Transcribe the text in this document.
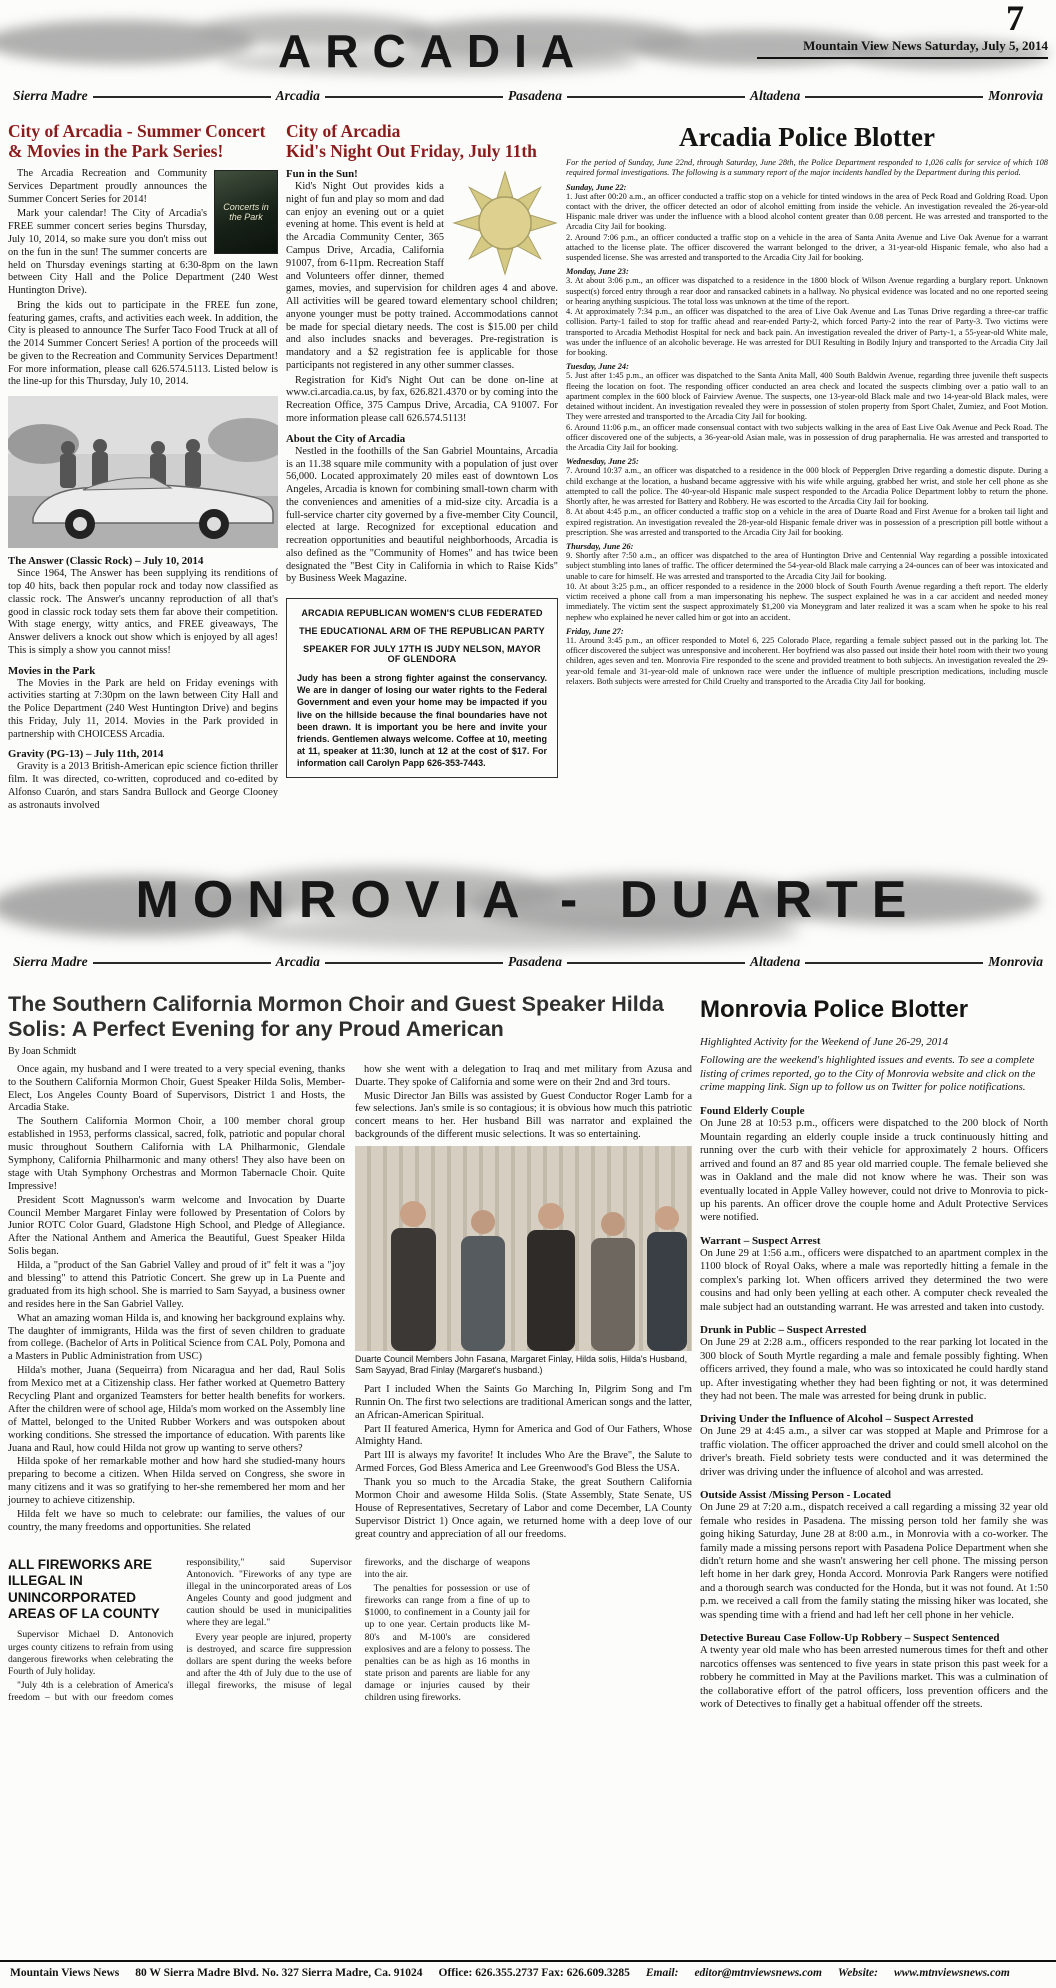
7
Mountain View News Saturday, July 5, 2014
ARCADIA
Sierra Madre	Arcadia	Pasadena	Altadena	Monrovia
City of Arcadia - Summer Concert & Movies in the Park Series!
Concerts in the Park

The Arcadia Recreation and Community Services Department proudly announces the Summer Concert Series for 2014!

Mark your calendar! The City of Arcadia's FREE summer concert series begins Thursday, July 10, 2014, so make sure you don't miss out on the fun in the sun! The summer concerts are held on Thursday evenings starting at 6:30-8pm on the lawn between City Hall and the Police Department (240 West Huntington Drive).

Bring the kids out to participate in the FREE fun zone, featuring games, crafts, and activities each week. In addition, the City is pleased to announce The Surfer Taco Food Truck at all of the 2014 Summer Concert Series! A portion of the proceeds will be given to the Recreation and Community Services Department! For more information, please call 626.574.5113. Listed below is the line-up for this Thursday, July 10, 2014.

The Answer (Classic Rock) – July 10, 2014

Since 1964, The Answer has been supplying its renditions of top 40 hits, back then popular rock and today now classified as classic rock. The Answer's uncanny reproduction of all that's good in classic rock today sets them far above their competition. With stage energy, witty antics, and FREE giveaways, The Answer delivers a knock out show which is enjoyed by all ages! This is simply a show you cannot miss!

Movies in the Park

The Movies in the Park are held on Friday evenings with activities starting at 7:30pm on the lawn between City Hall and the Police Department (240 West Huntington Drive) and begins this Friday, July 11, 2014. Movies in the Park provided in partnership with CHOICESS Arcadia.

Gravity (PG-13) – July 11th, 2014

Gravity is a 2013 British-American epic science fiction thriller film. It was directed, co-written, coproduced and co-edited by Alfonso Cuarón, and stars Sandra Bullock and George Clooney as astronauts involved

City of Arcadia
Kid's Night Out Friday, July 11th
Fun in the Sun!

Kid's Night Out provides kids a night of fun and play so mom and dad can enjoy an evening out or a quiet evening at home. This event is held at the Arcadia Community Center, 365 Campus Drive, Arcadia, California 91007, from 6-11pm. Recreation Staff and Volunteers offer dinner, themed games, movies, and supervision for children ages 4 and above. All activities will be geared toward elementary school children; anyone younger must be potty trained. Accommodations cannot be made for special dietary needs. The cost is $15.00 per child and also includes snacks and beverages. Pre-registration is mandatory and a $2 registration fee is applicable for those participants not registered in any other summer classes.

Registration for Kid's Night Out can be done on-line at www.ci.arcadia.ca.us, by fax, 626.821.4370 or by coming into the Recreation Office, 375 Campus Drive, Arcadia, CA 91007. For more information please call 626.574.5113!

About the City of Arcadia

Nestled in the foothills of the San Gabriel Mountains, Arcadia is an 11.38 square mile community with a population of just over 56,000. Located approximately 20 miles east of downtown Los Angeles, Arcadia is known for combining small-town charm with the conveniences and amenities of a mid-size city. Arcadia is a full-service charter city governed by a five-member City Council, elected at large. Recognized for exceptional education and recreation opportunities and beautiful neighborhoods, Arcadia is also defined as the "Community of Homes" and has twice been designated the "Best City in California in which to Raise Kids" by Business Week Magazine.

ARCADIA REPUBLICAN WOMEN'S CLUB FEDERATED

THE EDUCATIONAL ARM OF THE REPUBLICAN PARTY

SPEAKER FOR JULY 17TH IS JUDY NELSON, MAYOR OF GLENDORA

Judy has been a strong fighter against the conservancy. We are in danger of losing our water rights to the Federal Government and even your home may be impacted if you live on the hillside because the final boundaries have not been drawn. It is important you be here and invite your friends. Gentlemen always welcome. Coffee at 10, meeting at 11, speaker at 11:30, lunch at 12 at the cost of $17. For information call Carolyn Papp 626-353-7443.

Arcadia Police Blotter

For the period of Sunday, June 22nd, through Saturday, June 28th, the Police Department responded to 1,026 calls for service of which 108 required formal investigations. The following is a summary report of the major incidents handled by the Department during this period.

Sunday, June 22:

1. Just after 00:20 a.m., an officer conducted a traffic stop on a vehicle for tinted windows in the area of Peck Road and Goldring Road. Upon contact with the driver, the officer detected an odor of alcohol emitting from inside the vehicle. An investigation revealed the 26-year-old Hispanic male driver was under the influence with a blood alcohol content greater than 0.08 percent. He was arrested and transported to the Arcadia City Jail for booking.

2. Around 7:06 p.m., an officer conducted a traffic stop on a vehicle in the area of Santa Anita Avenue and Live Oak Avenue for a warrant attached to the license plate. The officer discovered the warrant belonged to the driver, a 31-year-old Hispanic female, who also had a suspended license. She was arrested and transported to the Arcadia City Jail for booking.

Monday, June 23:

3. At about 3:06 p.m., an officer was dispatched to a residence in the 1800 block of Wilson Avenue regarding a burglary report. Unknown suspect(s) forced entry through a rear door and ransacked cabinets in a hallway. No physical evidence was located and no one reported seeing or hearing anything suspicious. The total loss was unknown at the time of the report.

4. At approximately 7:34 p.m., an officer was dispatched to the area of Live Oak Avenue and Las Tunas Drive regarding a three-car traffic collision. Party-1 failed to stop for traffic ahead and rear-ended Party-2, which forced Party-2 into the rear of Party-3. Two victims were transported to Arcadia Methodist Hospital for neck and back pain. An investigation revealed the driver of Party-1, a 55-year-old White male, was under the influence of an alcoholic beverage. He was arrested for DUI Resulting in Bodily Injury and transported to the Arcadia City Jail for booking.

Tuesday, June 24:

5. Just after 1:45 p.m., an officer was dispatched to the Santa Anita Mall, 400 South Baldwin Avenue, regarding three juvenile theft suspects fleeing the location on foot. The responding officer conducted an area check and located the suspects climbing over a patio wall to an apartment complex in the 600 block of Fairview Avenue. The suspects, one 13-year-old Black male and two 14-year-old Black males, were detained without incident. An investigation revealed they were in possession of stolen property from Sport Chalet, Zumiez, and Foot Motion. They were arrested and transported to the Arcadia City Jail for booking.

6. Around 11:06 p.m., an officer made consensual contact with two subjects walking in the area of East Live Oak Avenue and Peck Road. The officer discovered one of the subjects, a 36-year-old Asian male, was in possession of drug paraphernalia. He was arrested and transported to the Arcadia City Jail for booking.

Wednesday, June 25:

7. Around 10:37 a.m., an officer was dispatched to a residence in the 000 block of Pepperglen Drive regarding a domestic dispute. During a child exchange at the location, a husband became aggressive with his wife while arguing, grabbed her wrist, and stole her cell phone as she attempted to call the police. The 40-year-old Hispanic male suspect responded to the Arcadia Police Department lobby to return the phone. Shortly after, he was arrested for Battery and Robbery. He was escorted to the Arcadia City Jail for booking.

8. At about 4:45 p.m., an officer conducted a traffic stop on a vehicle in the area of Duarte Road and First Avenue for a broken tail light and expired registration. An investigation revealed the 28-year-old Hispanic female driver was in possession of a prescription pill bottle without a prescription. She was arrested and transported to the Arcadia City Jail for booking.

Thursday, June 26:

9. Shortly after 7:50 a.m., an officer was dispatched to the area of Huntington Drive and Centennial Way regarding a possible intoxicated subject stumbling into lanes of traffic. The officer determined the 54-year-old Black male carrying a 24-ounces can of beer was intoxicated and unable to care for himself. He was arrested and transported to the Arcadia City Jail for booking.

10. At about 3:25 p.m., an officer responded to a residence in the 2000 block of South Fourth Avenue regarding a theft report. The elderly victim received a phone call from a man impersonating his nephew. The suspect explained he was in a car accident and needed money immediately. The victim sent the suspect approximately $1,200 via Moneygram and later realized it was a scam when he spoke to his real nephew who explained he never called him or got into an accident.

Friday, June 27:

11. Around 3:45 p.m., an officer responded to Motel 6, 225 Colorado Place, regarding a female subject passed out in the parking lot. The officer discovered the subject was unresponsive and incoherent. Her boyfriend was also passed out inside their hotel room with their two young children, ages seven and ten. Monrovia Fire responded to the scene and provided treatment to both subjects. An investigation revealed the 29-year-old female and 31-year-old male of unknown race were under the influence of multiple prescription medications, including muscle relaxers. Both subjects were arrested for Child Cruelty and transported to the Arcadia City Jail for booking.

MONROVIA - DUARTE
Sierra Madre	Arcadia	Pasadena	Altadena	Monrovia
The Southern California Mormon Choir and Guest Speaker Hilda Solis: A Perfect Evening for any Proud American
By Joan Schmidt

Once again, my husband and I were treated to a very special evening, thanks to the Southern California Mormon Choir, Guest Speaker Hilda Solis, Member-Elect, Los Angeles County Board of Supervisors, District 1 and Hosts, the Arcadia Stake.

The Southern California Mormon Choir, a 100 member choral group established in 1953, performs classical, sacred, folk, patriotic and popular choral music throughout Southern California with LA Philharmonic, Glendale Symphony, California Philharmonic and many others! They also have been on stage with Utah Symphony Orchestras and Mormon Tabernacle Choir. Quite Impressive!

President Scott Magnusson's warm welcome and Invocation by Duarte Council Member Margaret Finlay were followed by Presentation of Colors by Junior ROTC Color Guard, Gladstone High School, and Pledge of Allegiance. After the National Anthem and America the Beautiful, Guest Speaker Hilda Solis began.

Hilda, a "product of the San Gabriel Valley and proud of it" felt it was a "joy and blessing" to attend this Patriotic Concert. She grew up in La Puente and graduated from its high school. She is married to Sam Sayyad, a business owner and resides here in the San Gabriel Valley.

What an amazing woman Hilda is, and knowing her background explains why. The daughter of immigrants, Hilda was the first of seven children to graduate from college. (Bachelor of Arts in Political Science from CAL Poly, Pomona and a Masters in Public Administration from USC)

Hilda's mother, Juana (Sequeirra) from Nicaragua and her dad, Raul Solis from Mexico met at a Citizenship class. Her father worked at Quemetro Battery Recycling Plant and organized Teamsters for better health benefits for workers. After the children were of school age, Hilda's mom worked on the Assembly line of Mattel, belonged to the United Rubber Workers and was outspoken about working conditions. She stressed the importance of education. With parents like Juana and Raul, how could Hilda not grow up wanting to serve others?

Hilda spoke of her remarkable mother and how hard she studied-many hours preparing to become a citizen. When Hilda served on Congress, she swore in many citizens and it was so gratifying to her-she remembered her mom and her journey to achieve citizenship.

Hilda felt we have so much to celebrate: our families, the values of our country, the many freedoms and opportunities. She related

how she went with a delegation to Iraq and met military from Azusa and Duarte. They spoke of California and some were on their 2nd and 3rd tours.

Music Director Jan Bills was assisted by Guest Conductor Roger Lamb for a few selections. Jan's smile is so contagious; it is obvious how much this patriotic concert means to her. Her husband Bill was narrator and explained the backgrounds of the different music selections. It was so entertaining.

Duarte Council Members John Fasana, Margaret Finlay, Hilda solis, Hilda's Husband, Sam Sayyad, Brad Finlay (Margaret's husband.)

Part I included When the Saints Go Marching In, Pilgrim Song and I'm Runnin On. The first two selections are traditional American songs and the latter, an African-American Spiritual.

Part II featured America, Hymn for America and God of Our Fathers, Whose Almighty Hand.

Part III is always my favorite! It includes Who Are the Brave", the Salute to Armed Forces, God Bless America and Lee Greenwood's God Bless the USA.

Thank you so much to the Arcadia Stake, the great Southern California Mormon Choir and awesome Hilda Solis. (State Assembly, State Senate, US House of Representatives, Secretary of Labor and come December, LA County Supervisor District 1) Once again, we returned home with a deep love of our great country and appreciation of all our freedoms.

ALL FIREWORKS ARE ILLEGAL IN UNINCORPORATED AREAS OF LA COUNTY

Supervisor Michael D. Antonovich urges county citizens to refrain from using dangerous fireworks when celebrating the Fourth of July holiday.

"July 4th is a celebration of America's freedom – but with our freedom comes responsibility," said Supervisor Antonovich. "Fireworks of any type are illegal in the unincorporated areas of Los Angeles County and good judgment and caution should be used in municipalities where they are legal."

Every year people are injured, property is destroyed, and scarce fire suppression dollars are spent during the weeks before and after the 4th of July due to the use of illegal fireworks, the misuse of legal fireworks, and the discharge of weapons into the air.

The penalties for possession or use of fireworks can range from a fine of up to $1000, to confinement in a County jail for up to one year. Certain products like M-80's and M-100's are considered explosives and are a felony to possess. The penalties can be as high as 16 months in state prison and parents are liable for any damage or injuries caused by their children using fireworks.

Monrovia Police Blotter

Highlighted Activity for the Weekend of June 26-29, 2014

Following are the weekend's highlighted issues and events. To see a complete listing of crimes reported, go to the City of Monrovia website and click on the crime mapping link. Sign up to follow us on Twitter for police notifications.

Found Elderly Couple

On June 28 at 10:53 p.m., officers were dispatched to the 200 block of North Mountain regarding an elderly couple inside a truck continuously hitting and running over the curb with their vehicle for approximately 2 hours. Officers arrived and found an 87 and 85 year old married couple. The female believed she was in Oakland and the male did not know where he was. Their son was eventually located in Apple Valley however, could not drive to Monrovia to pick-up his parents. An officer drove the couple home and Adult Protective Services were notified.

Warrant – Suspect Arrest

On June 29 at 1:56 a.m., officers were dispatched to an apartment complex in the 1100 block of Royal Oaks, where a male was reportedly hitting a female in the complex's parking lot. When officers arrived they determined the two were cousins and had only been yelling at each other. A computer check revealed the male subject had an outstanding warrant. He was arrested and taken into custody.

Drunk in Public – Suspect Arrested

On June 29 at 2:28 a.m., officers responded to the rear parking lot located in the 300 block of South Myrtle regarding a male and female possibly fighting. When officers arrived, they found a male, who was so intoxicated he could hardly stand up. After investigating whether they had been fighting or not, it was determined they had not been. The male was arrested for being drunk in public.

Driving Under the Influence of Alcohol – Suspect Arrested

On June 29 at 4:45 a.m., a silver car was stopped at Maple and Primrose for a traffic violation. The officer approached the driver and could smell alcohol on the driver's breath. Field sobriety tests were conducted and it was determined the driver was driving under the influence of alcohol and was arrested.

Outside Assist /Missing Person - Located

On June 29 at 7:20 a.m., dispatch received a call regarding a missing 32 year old female who resides in Pasadena. The missing person told her family she was going hiking Saturday, June 28 at 8:00 a.m., in Monrovia with a co-worker. The family made a missing persons report with Pasadena Police Department when she didn't return home and she wasn't answering her cell phone. The missing person left home in her dark grey, Honda Accord. Monrovia Park Rangers were notified and a thorough search was conducted for the Honda, but it was not found. At 1:50 p.m. we received a call from the family stating the missing hiker was located, she was spending time with a friend and had left her cell phone in her vehicle.

Detective Bureau Case Follow-Up Robbery – Suspect Sentenced

A twenty year old male who has been arrested numerous times for theft and other narcotics offenses was sentenced to five years in state prison this past week for a robbery he committed in May at the Pavilions market. This was a culmination of the collaborative effort of the patrol officers, loss prevention officers and the work of Detectives to finally get a habitual offender off the streets.

Mountain Views News 80 W Sierra Madre Blvd. No. 327 Sierra Madre, Ca. 91024 Office: 626.355.2737 Fax: 626.609.3285 Email: editor@mtnviewsnews.com Website: www.mtnviewsnews.com
